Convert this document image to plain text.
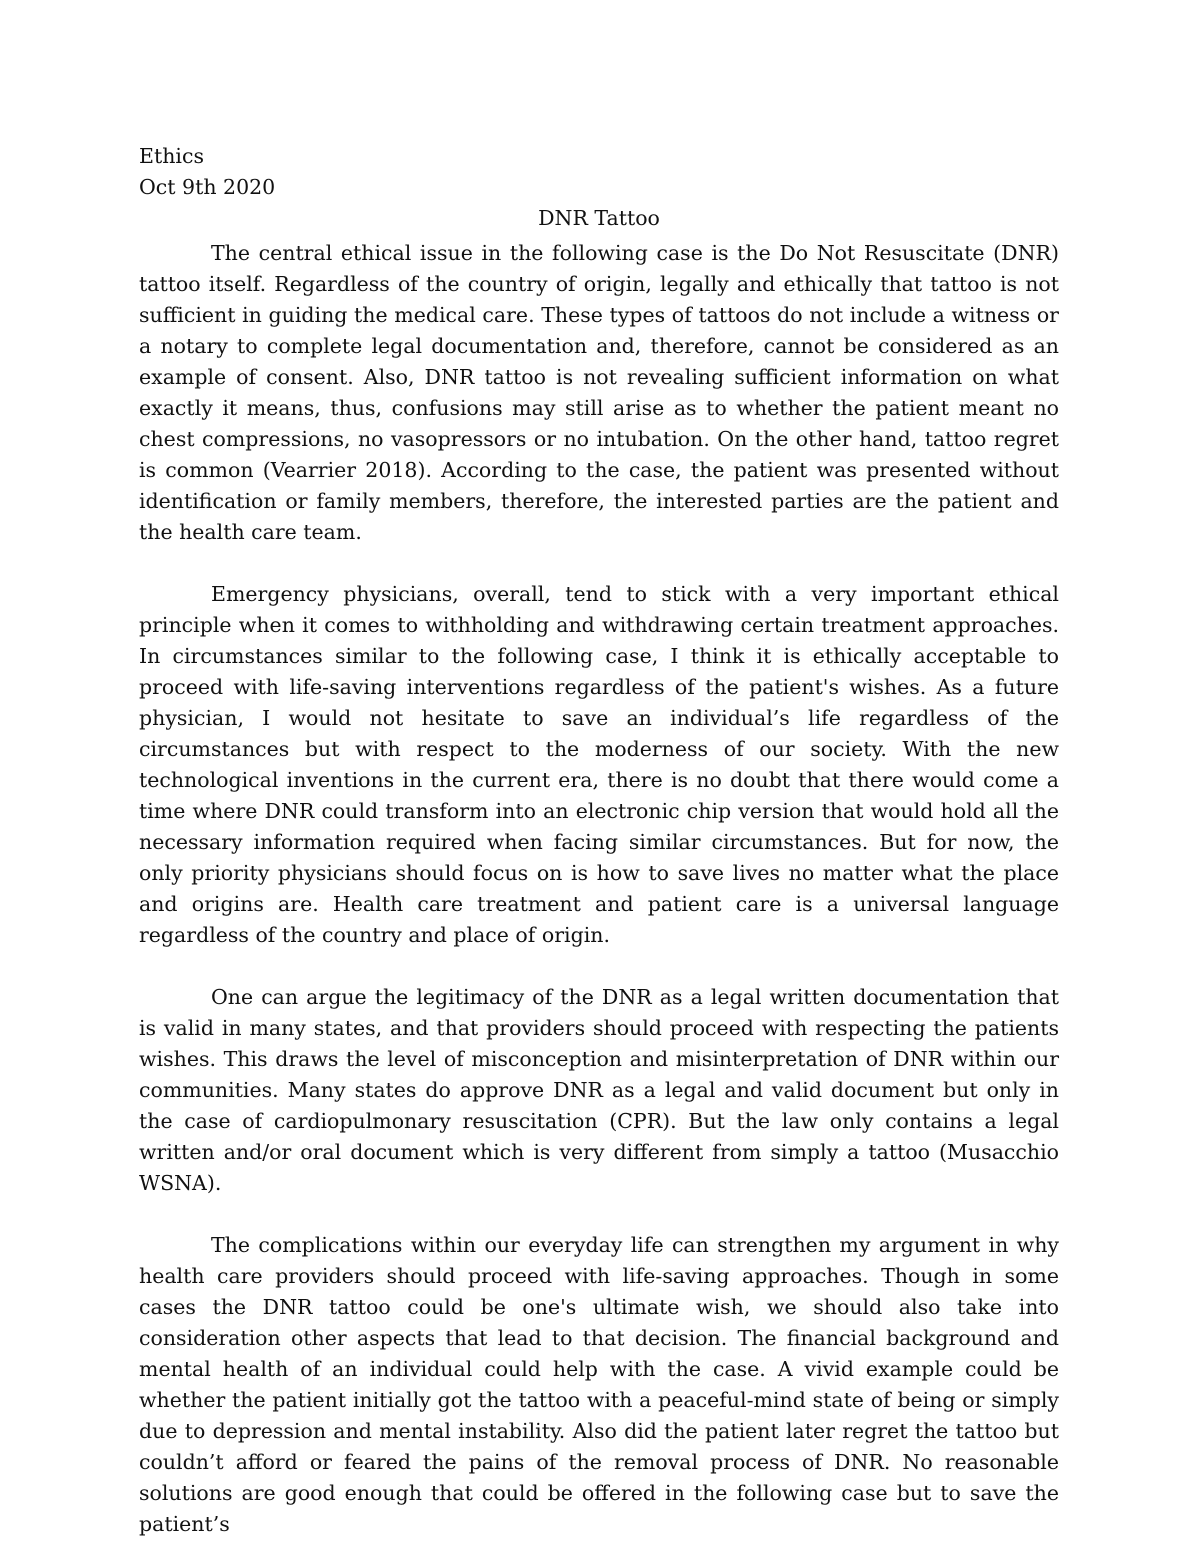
Ethics

Oct 9th 2020

DNR Tattoo

The central ethical issue in the following case is the Do Not Resuscitate (DNR) tattoo itself. Regardless of the country of origin, legally and ethically that tattoo is not sufficient in guiding the medical care. These types of tattoos do not include a witness or a notary to complete legal documentation and, therefore, cannot be considered as an example of consent. Also, DNR tattoo is not revealing sufficient information on what exactly it means, thus, confusions may still arise as to whether the patient meant no chest compressions, no vasopressors or no intubation. On the other hand, tattoo regret is common (Vearrier 2018). According to the case, the patient was presented without identification or family members, therefore, the interested parties are the patient and the health care team.

Emergency physicians, overall, tend to stick with a very important ethical principle when it comes to withholding and withdrawing certain treatment approaches. In circumstances similar to the following case, I think it is ethically acceptable to proceed with life-saving interventions regardless of the patient's wishes. As a future physician, I would not hesitate to save an individual’s life regardless of the circumstances but with respect to the moderness of our society. With the new technological inventions in the current era, there is no doubt that there would come a time where DNR could transform into an electronic chip version that would hold all the necessary information required when facing similar circumstances. But for now, the only priority physicians should focus on is how to save lives no matter what the place and origins are. Health care treatment and patient care is a universal language regardless of the country and place of origin.

One can argue the legitimacy of the DNR as a legal written documentation that is valid in many states, and that providers should proceed with respecting the patients wishes. This draws the level of misconception and misinterpretation of DNR within our communities. Many states do approve DNR as a legal and valid document but only in the case of cardiopulmonary resuscitation (CPR). But the law only contains a legal written and/or oral document which is very different from simply a tattoo (Musacchio WSNA).

The complications within our everyday life can strengthen my argument in why health care providers should proceed with life-saving approaches. Though in some cases the DNR tattoo could be one's ultimate wish, we should also take into consideration other aspects that lead to that decision. The financial background and mental health of an individual could help with the case. A vivid example could be whether the patient initially got the tattoo with a peaceful-mind state of being or simply due to depression and mental instability. Also did the patient later regret the tattoo but couldn’t afford or feared the pains of the removal process of DNR. No reasonable solutions are good enough that could be offered in the following case but to save the patient’s
